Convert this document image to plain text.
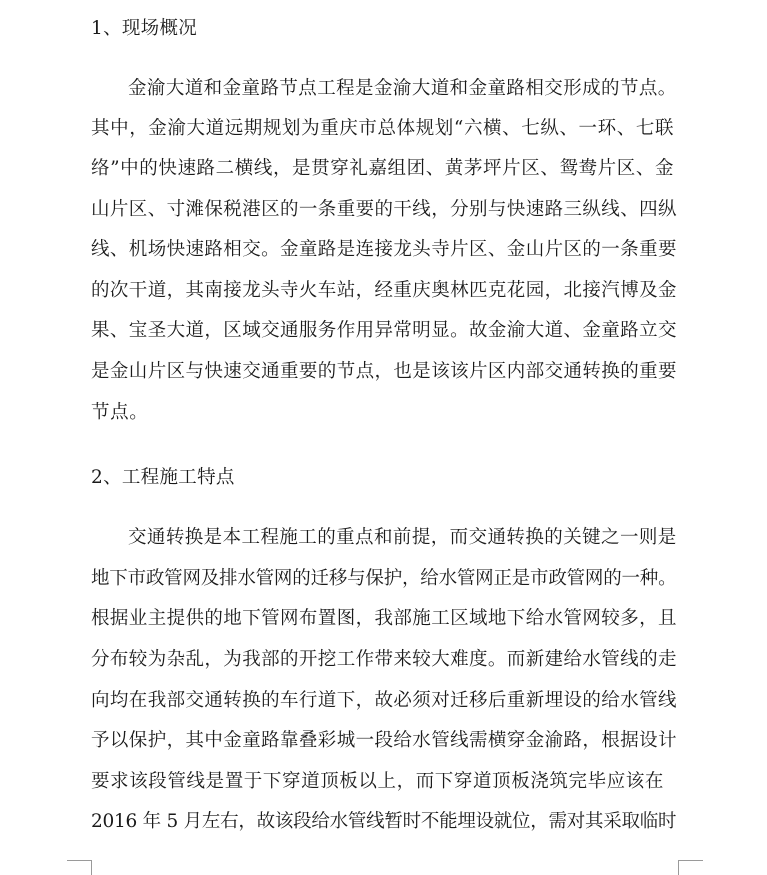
1、现场概况
金渝大道和金童路节点工程是金渝大道和金童路相交形成的节点。
其中，金渝大道远期规划为重庆市总体规划“六横、七纵、一环、七联
络”中的快速路二横线，是贯穿礼嘉组团、黄茅坪片区、鸳鸯片区、金
山片区、寸滩保税港区的一条重要的干线，分别与快速路三纵线、四纵
线、机场快速路相交。金童路是连接龙头寺片区、金山片区的一条重要
的次干道，其南接龙头寺火车站，经重庆奥林匹克花园，北接汽博及金
果、宝圣大道，区域交通服务作用异常明显。故金渝大道、金童路立交
是金山片区与快速交通重要的节点，也是该该片区内部交通转换的重要
节点。
2、工程施工特点
交通转换是本工程施工的重点和前提，而交通转换的关键之一则是
地下市政管网及排水管网的迁移与保护，给水管网正是市政管网的一种。
根据业主提供的地下管网布置图，我部施工区域地下给水管网较多，且
分布较为杂乱，为我部的开挖工作带来较大难度。而新建给水管线的走
向均在我部交通转换的车行道下，故必须对迁移后重新埋设的给水管线
予以保护，其中金童路靠叠彩城一段给水管线需横穿金渝路，根据设计
要求该段管线是置于下穿道顶板以上，而下穿道顶板浇筑完毕应该在
2016 年 5 月左右，故该段给水管线暂时不能埋设就位，需对其采取临时
